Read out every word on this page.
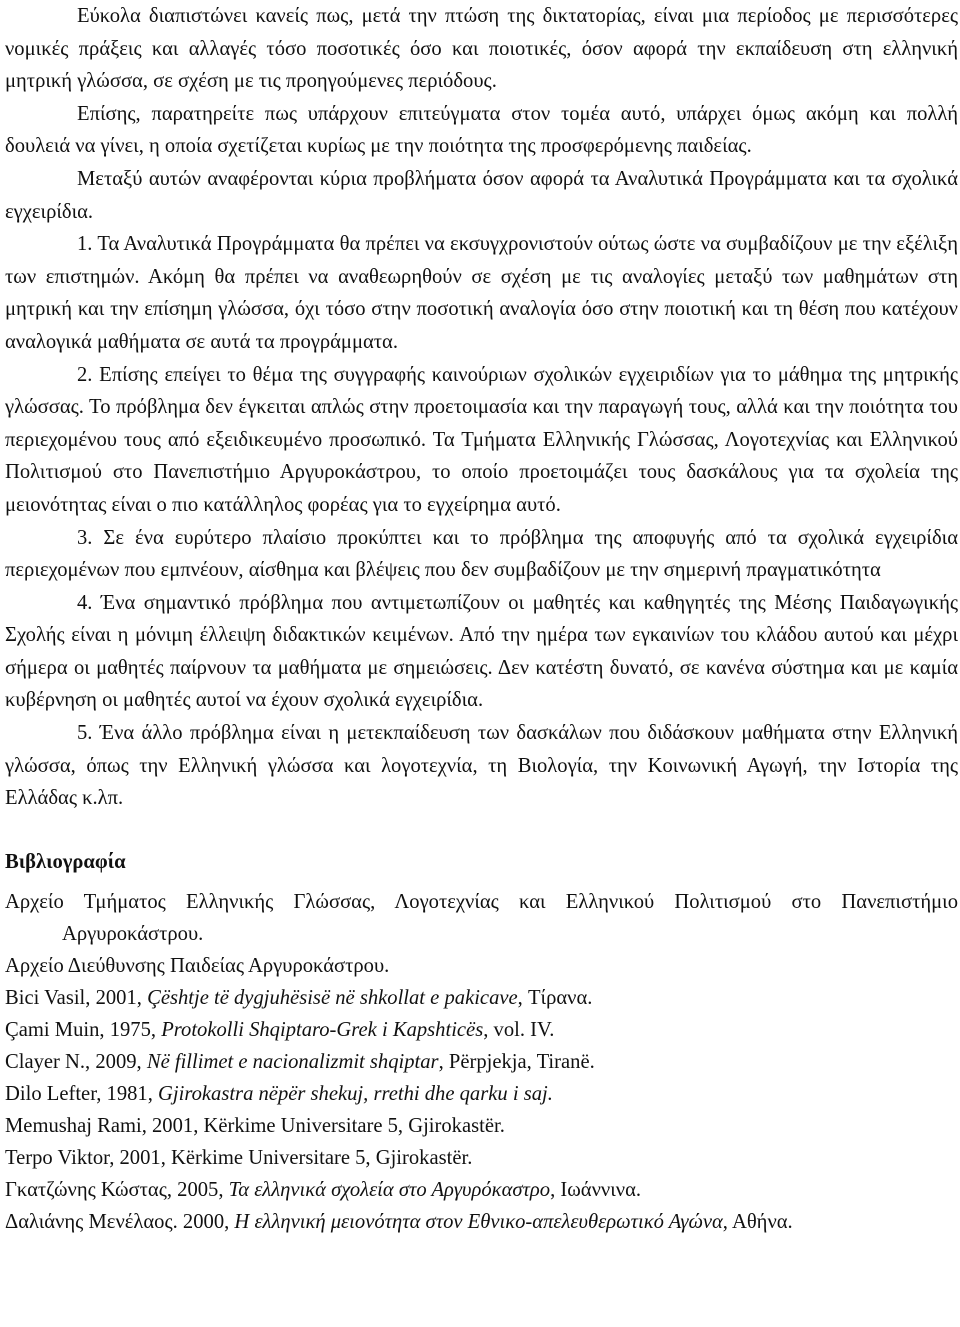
Εύκολα διαπιστώνει κανείς πως, μετά την πτώση της δικτατορίας, είναι μια περίοδος με περισσότερες νομικές πράξεις και αλλαγές τόσο ποσοτικές όσο και ποιοτικές, όσον αφορά την εκπαίδευση στη ελληνική μητρική γλώσσα, σε σχέση με τις προηγούμενες περιόδους.

Επίσης, παρατηρείτε πως υπάρχουν επιτεύγματα στον τομέα αυτό, υπάρχει όμως ακόμη και πολλή δουλειά να γίνει, η οποία σχετίζεται κυρίως με την ποιότητα της προσφερόμενης παιδείας.

Μεταξύ αυτών αναφέρονται κύρια προβλήματα όσον αφορά τα Αναλυτικά Προγράμματα και τα σχολικά εγχειρίδια.

1. Τα Αναλυτικά Προγράμματα θα πρέπει να εκσυγχρονιστούν ούτως ώστε να συμβαδίζουν με την εξέλιξη των επιστημών. Ακόμη θα πρέπει να αναθεωρηθούν σε σχέση με τις αναλογίες μεταξύ των μαθημάτων στη μητρική και την επίσημη γλώσσα, όχι τόσο στην ποσοτική αναλογία όσο στην ποιοτική και τη θέση που κατέχουν αναλογικά μαθήματα σε αυτά τα προγράμματα.

2. Επίσης επείγει το θέμα της συγγραφής καινούριων σχολικών εγχειριδίων για το μάθημα της μητρικής γλώσσας. Το πρόβλημα δεν έγκειται απλώς στην προετοιμασία και την παραγωγή τους, αλλά και την ποιότητα του περιεχομένου τους από εξειδικευμένο προσωπικό. Τα Τμήματα Ελληνικής Γλώσσας, Λογοτεχνίας και Ελληνικού Πολιτισμού στο Πανεπιστήμιο Αργυροκάστρου, το οποίο προετοιμάζει τους δασκάλους για τα σχολεία της μειονότητας είναι ο πιο κατάλληλος φορέας για το εγχείρημα αυτό.

3. Σε ένα ευρύτερο πλαίσιο προκύπτει και το πρόβλημα της αποφυγής από τα σχολικά εγχειρίδια περιεχομένων που εμπνέουν, αίσθημα και βλέψεις που δεν συμβαδίζουν με την σημερινή πραγματικότητα

4. Ένα σημαντικό πρόβλημα που αντιμετωπίζουν οι μαθητές και καθηγητές της Μέσης Παιδαγωγικής Σχολής είναι η μόνιμη έλλειψη διδακτικών κειμένων. Από την ημέρα των εγκαινίων του κλάδου αυτού και μέχρι σήμερα οι μαθητές παίρνουν τα μαθήματα με σημειώσεις. Δεν κατέστη δυνατό, σε κανένα σύστημα και με καμία κυβέρνηση οι μαθητές αυτοί να έχουν σχολικά εγχειρίδια.

5. Ένα άλλο πρόβλημα είναι η μετεκπαίδευση των δασκάλων που διδάσκουν μαθήματα στην Ελληνική γλώσσα, όπως την Ελληνική γλώσσα και λογοτεχνία, τη Βιολογία, την Κοινωνική Αγωγή, την Ιστορία της Ελλάδας κ.λπ.

Βιβλιογραφία

Αρχείο Τμήματος Ελληνικής Γλώσσας, Λογοτεχνίας και Ελληνικού Πολιτισμού στο Πανεπιστήμιο Αργυροκάστρου.

Αρχείο Διεύθυνσης Παιδείας Αργυροκάστρου.

Bici Vasil, 2001, Çështje të dygjuhësisë në shkollat e pakicave, Τίρανα.

Çami Muin, 1975, Protokolli Shqiptaro-Grek i Kapshticës, vol. IV.

Clayer N., 2009, Në fillimet e nacionalizmit shqiptar, Përpjekja, Tiranë.

Dilo Lefter, 1981, Gjirokastra nëpër shekuj, rrethi dhe qarku i saj.

Memushaj Rami, 2001, Kërkime Universitare 5, Gjirokastër.

Terpo Viktor, 2001, Kërkime Universitare 5, Gjirokastër.

Γκατζώνης Κώστας, 2005, Τα ελληνικά σχολεία στο Αργυρόκαστρο, Ιωάννινα.

Δαλιάνης Μενέλαος. 2000, Η ελληνική μειονότητα στον Εθνικο-απελευθερωτικό Αγώνα, Αθήνα.
